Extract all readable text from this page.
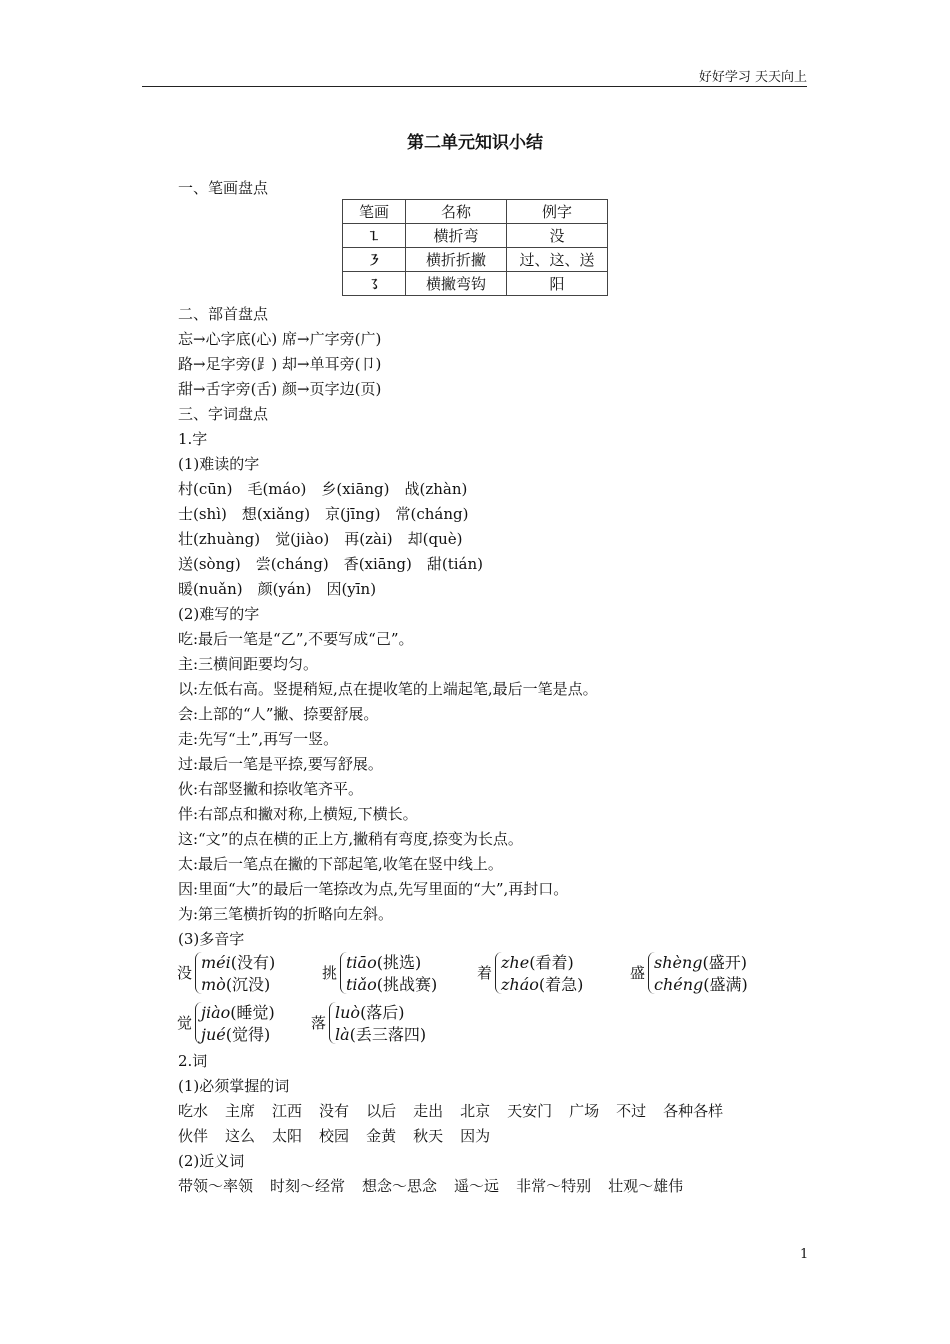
好好学习 天天向上
第二单元知识小结
一、笔画盘点
笔画	名称	例字
㇅	横折弯	没
㇋	横折折撇	过、这、送
㇌	横撇弯钩	阳
二、部首盘点
忘→心字底(心) 席→广字旁(广)
路→足字旁(⻊) 却→单耳旁(卩)
甜→舌字旁(舌) 颜→页字边(页)
三、字词盘点
1.字
(1)难读的字
村(cūn) 毛(máo) 乡(xiāng) 战(zhàn)
士(shì) 想(xiǎng) 京(jīng) 常(cháng)
壮(zhuàng) 觉(jiào) 再(zài) 却(què)
送(sòng) 尝(cháng) 香(xiāng) 甜(tián)
暖(nuǎn) 颜(yán) 因(yīn)
(2)难写的字
吃:最后一笔是“乙”,不要写成“己”。
主:三横间距要均匀。
以:左低右高。竖提稍短,点在提收笔的上端起笔,最后一笔是点。
会:上部的“人”撇、捺要舒展。
走:先写“土”,再写一竖。
过:最后一笔是平捺,要写舒展。
伙:右部竖撇和捺收笔齐平。
伴:右部点和撇对称,上横短,下横长。
这:“文”的点在横的正上方,撇稍有弯度,捺变为长点。
太:最后一笔点在撇的下部起笔,收笔在竖中线上。
因:里面“大”的最后一笔捺改为点,先写里面的“大”,再封口。
为:第三笔横折钩的折略向左斜。
(3)多音字
没
méi(没有)
mò(沉没)
挑
tiāo(挑选)
tiǎo(挑战赛)
着
zhe(看着)
zháo(着急)
盛
shèng(盛开)
chéng(盛满)
觉
jiào(睡觉)
jué(觉得)
落
luò(落后)
là(丢三落四)
2.词
(1)必须掌握的词
吃水 主席 江西 没有 以后 走出 北京 天安门 广场 不过 各种各样
伙伴 这么 太阳 校园 金黄 秋天 因为
(2)近义词
带领～率领 时刻～经常 想念～思念 遥～远 非常～特别 壮观～雄伟
1
